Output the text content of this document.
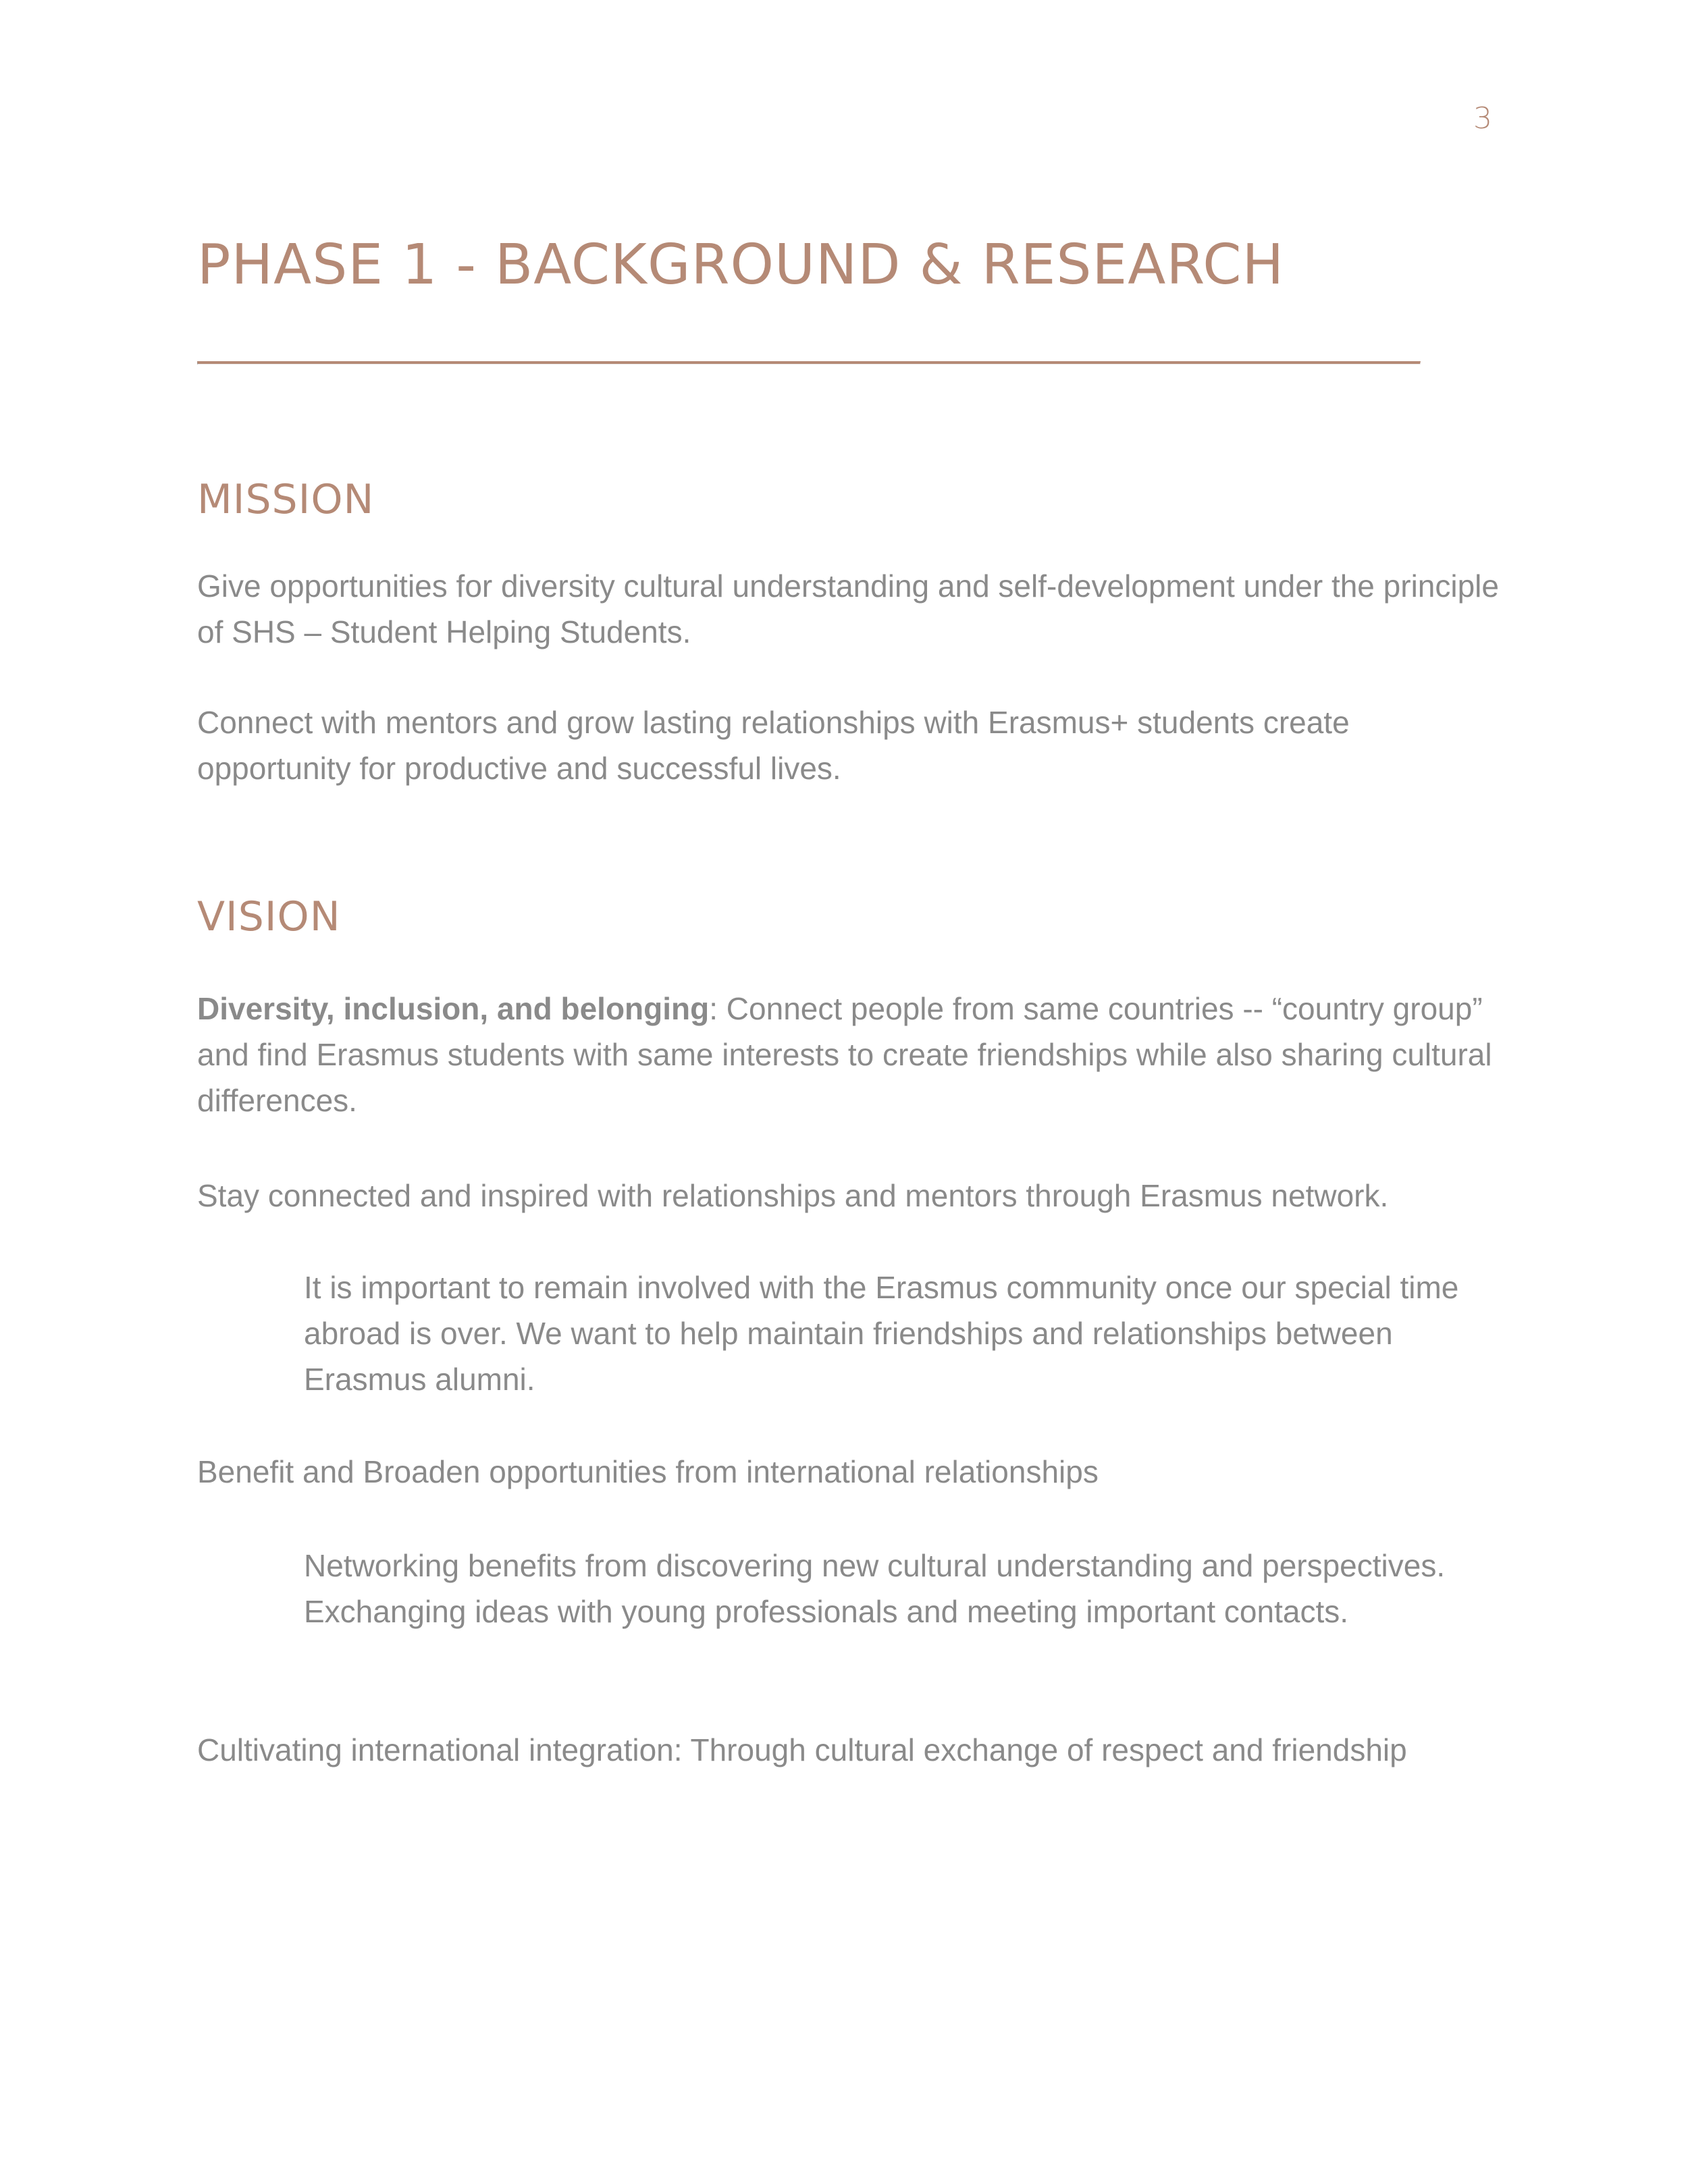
3

PHASE 1 - BACKGROUND & RESEARCH
MISSION

Give opportunities for diversity cultural understanding and self-development under the principle of SHS – Student Helping Students.

Connect with mentors and grow lasting relationships with Erasmus+ students create opportunity for productive and successful lives.

VISION

Diversity, inclusion, and belonging: Connect people from same countries -- “country group” and find Erasmus students with same interests to create friendships while also sharing cultural differences.

Stay connected and inspired with relationships and mentors through Erasmus network.

It is important to remain involved with the Erasmus community once our special time abroad is over. We want to help maintain friendships and relationships between Erasmus alumni.

Benefit and Broaden opportunities from international relationships

Networking benefits from discovering new cultural understanding and perspectives. Exchanging ideas with young professionals and meeting important contacts.

Cultivating international integration: Through cultural exchange of respect and friendship
